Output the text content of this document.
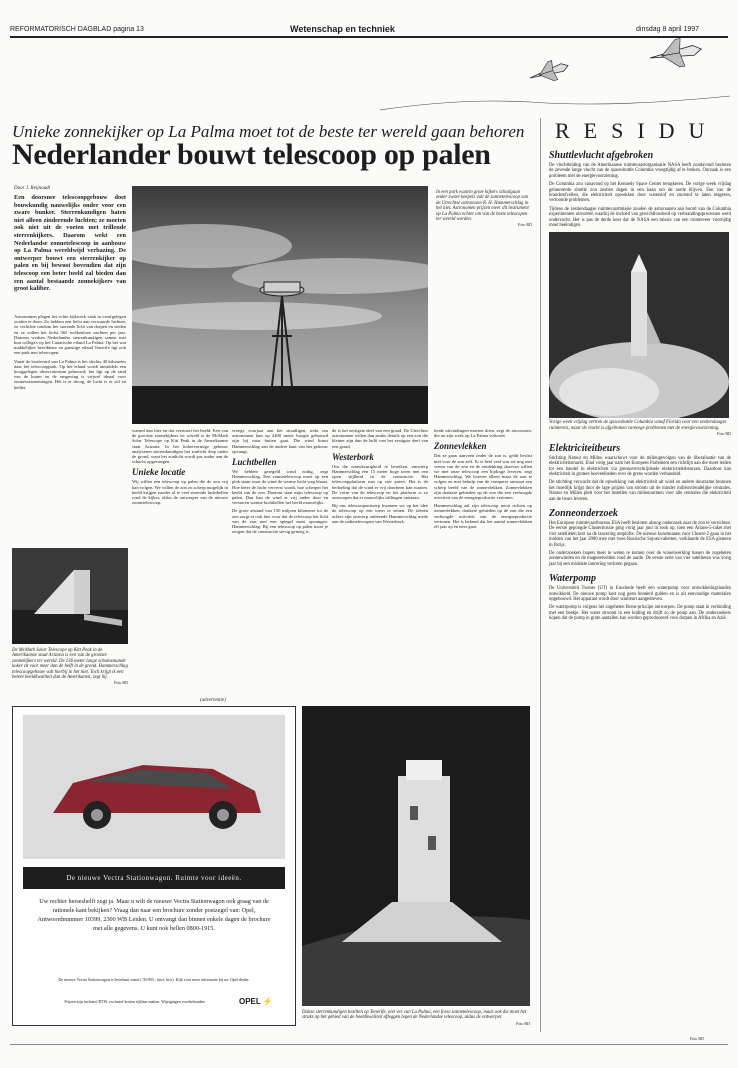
REFORMATORISCH DAGBLAD pagina 13	Wetenschap en techniek	dinsdag 8 april 1997
Unieke zonnekijker op La Palma moet tot de beste ter wereld gaan behoren
Nederlander bouwt telescoop op palen
Door J. Reijnoudt
Een doorsnee telescoopgebouw doet bouwkundig nauwelijks onder voor een zware bunker. Sterrenkundigen haten niet alleen zinderende luchten; ze moeten ook niet uit de voeten met trillende sterrenkijkers. Daarom wekt een Nederlandse zonnetelescoop in aanbouw op La Palma wereldwijd verbazing. De ontwerper bouwt een sterrenkijker op palen en bij bewust bovendien dat zijn telescoop een beter beeld zal bieden dan een aantal bestaande zonnekijkers van groot kaliber.

Astronomen plegen het echte kijkwerk vaak in verafgelegen oorden te doen. Zo hebben zen liefst aan verwaarde luchten, zo verlichte rondom het storende licht van dorpen en steden en ze willen het liefst 365 wolkenloze nachten per jaar. Daarom werken Nederlandse sterrenkundigen samen met hun collega's op het Canarische eiland La Palma. Op het wat makkelijker bereikbare en gunstige eiland Tenerife ligt ook een park met telescopen.

Vanaf de boulevard van La Palma is het slechts 40 kilometer naar het telescooppark. Op het eiland wordt inmiddels een hooggelegen observatorium gebouwd; het ligt op de rand van de krater en de omgeving is vrijwel ideaal voor zonnewaarnemingen. Het is er droog, de lucht is er stil en helder.

In een park waarin grote kijkers schuilgaan onder zware koepels valt de zonnetelescoop van de Utrechtse astronoom R. H. Hammerschlag in het niet. Astronomen prijzen meer dit instrument op La Palma echter om van de beste telescopen ter wereld worden.
Foto RD

warmd dan hier en dat verstoort het beeld. Een van de grootste zonnekijkers ter wereld is de McMath Solar Telescope op Kitt Peak in de Amerikaanse staat Arizona. In het kokervormige gebouw analyseren sterrenkundigen het zonlicht diep onder de grond, want het zonlicht wordt pas onder aan de schacht opgevangen.

Unieke locatie

Wij willen een telescoop op palen die de zon vrij kan volgen. We willen de zon zo scherp mogelijk in beeld krijgen zonder al te veel storende luchtbellen rond de kijker, aldus de ontwerper van de nieuwe zonnetelescoop.

vroege voorjaar aan het straalligen, trekt om astronomen hun op 2400 meter hoogte gebouwd zijn hij naar buiten gaat. Die wind kunst Hammerschlag aan de andere kant van het gebouw opvangt.

Luchtbellen

We hebben geregeld wind nodig, zegt Hammerschlag. Een zonnetelescoop moet op een plek staan waar de wind de warme lucht weg blaast. Hoe beter de lucht ververst wordt, hoe scherper het beeld van de zon. Daarom staat mijn telescoop op palen. Dan kan de wind er vrij onder door en verstoren warme luchtbellen het beeld nauwelijks.

De grote afstand van 150 miljoen kilometer tot de zon zorgt er ook hier voor dat de telescoop het licht van de zon met een spiegel moet opvangen. Hammerschlag: Bij een telescoop op palen moet je zorgen dat de constructie stevig genoeg is.

de is het zestigste deel van een graad. De Utrechtse astronomen willen dan straks details op een zon die kleiner zijn dan de helft van het zestigste deel van een graad.

Westerbork

Om die nauwkeurigheid te bereiken, ontwierp Hammerschlag een 15 meter hoge toren met een open stijlheid in de constructie. Het telescoopplatform rust op vier poten. Het is de bedoeling dat de wind er vrij doorheen kan waaien. De vorm van de telescoop en het platform is zo ontworpen dat er nauwelijks trillingen ontstaan.

Bij ons telescoopontwerp kwamen we op het idee de telescoop op een toren te zetten. De ideeën achter zijn ontwerp ontleende Hammerschlag mede aan de radiotelescopen van Westerbork.

lende uitvindingen moeten doen, zegt de astronoom, die nu zijn werk op La Palma voltooid.

Zonnevlekken

Dat ze gaan aanvoen onder de zon is, geldt beslist niet voor de zon zelf. Er is heel veel wat we nog niet weten van de zon en de ontdekking daarvan willen we met onze telescoop een bijdrage leveren, zegt Hammerschlag. We hoeven alleen maar de zon te volgen en met behulp van de computer ontstaat een scherp beeld van de zonnevlekken. Zonnevlekken zijn donkere gebieden op de zon die een verhoogde activiteit van de energieproductie vertonen.

Hammerschlag zal zijn telescoop nooit richten op zonnevlekken, donkere gebieden op de zon die een verhoogde activiteit van de energieproductie vertonen. Het is bekend dat het aantal zonnevlekken elf jaar op en neer gaat.

De McMath Solar Telescope op Kitt Peak in de Amerikaanse staat Arizona is een van de grootste zonnekijkers ter wereld. De 136 meter lange schuinstaande koker zit voor meer dan de helft in de grond. Hammerschlag telescoopgebouw valt hierbij in het niet. Toch krijgt ik een betere beeldkwaliteit dan de Amerikanen, zegt hij.
Foto RD
(advertentie)
De nieuwe Vectra Stationwagon. Ruimte voor ideeën.
Uw rechter herseshelft zegt ja. Maar u wilt de nieuwe Vectra Stationwagon ook graag van de rationele kant bekijken? Vraag dan naar een brochure zonder postzegel van: Opel, Antwoordnummer 10399, 2300 WB Leiden. U ontvangt dan binnen enkele dagen de brochure met alle gegevens. U kunt ook bellen 0800-1915.
De nieuwe Vectra Stationwagon is leverbaar vanaf f 39.995,- (incl. btw). Kijk voor meer informatie bij uw Opel-dealer.
Prijzen zijn inclusief BTW, exclusief kosten rijklaar maken. Wijzigingen voorbehouden.	OPEL ⚡
Duitse sterrenkundigen bezitten op Tenerife, niet ver van La Palma, een forse zonnetelescoop, maar ook die moet het straks op het gebied van de beeldkwaliteit afleggen tegen de Nederlandse telescoop, aldus de ontwerper.
Foto RD
RESIDU
Shuttlevlucht afgebroken

De vluchtleiding van de Amerikaanse ruimtevaartorganisatie NASA heeft zondavond besloten de zevende lange vlucht van de spaceshuttle Columbia vroegtijdig af te breken. Oorzaak is een probleem met de energievoorziening.

De Columbia zou vanavond op het Kennedy Space Center terugkeren. De vorige week vrijdag gelanceerde shuttle zou zestien dagen in een baan om de aarde blijven. Een van de brandstofcellen, die elektriciteit opwekken door waterstof en zuurstof te laten reageren, vertoonde problemen.

Tijdens de zestiendaagse ruimtevaartmissie zouden de astronauten aan boord van de Columbia experimenten uitvoeren waarbij de invloed van gewichtloosheid op verbrandingsprocessen werd onderzocht. Het is pas de derde keer dat de NASA een missie van een ruimteveer voortijdig moet beëindigen.

Vorige week vrijdag vertrok de spaceshuttle Columbia vanaf Florida voor een zestiendaagse ruimtereis, maar de vlucht is afgebroken vanwege problemen met de energievoorziening.
Foto RD
Elektriciteitbeurs

Stichting Natuur en Milieu waarschuwt voor de milieugevolgen van de liberalisatie van de elektriciteitsmarkt. Eind vorig jaar nam het Europees Parlement een richtlijn aan die moet leiden tot een handel in elektriciteit via grensoverschrijdende elektriciteitsbeurzen. Daardoor kan elektriciteit in grotere hoeveelheden over de grens worden verhandeld.

De stichting verwacht dat de opwekking van elektriciteit uit wind en andere duurzame bronnen het moeilijk krijgt door de lage prijzen van stroom uit de minder milieuvriendelijke centrales. Natuur en Milieu pleit voor het instellen van milieunormen voor alle centrales die elektriciteit aan de beurs leveren.

Zonneonderzoek

Het Europese ruimtevaartbureau ESA heeft besloten alsnog onderzoek naar de zon te verrichten. De eerste gepoogde Clustermissie ging vorig jaar juni in rook op, toen een Ariane-5-raket met vier satellieten kort na de lancering ontplofte. De nieuwe kunstmanen voor Cluster-2 gaan in het midden van het jaar 2000 mee met twee Russische Sojoez-raketten, verklaarde de ESA gisteren in Parijs.

De onderzoekers hopen meer te weten te komen over de wisselwerking tussen de zogeheten zonnewinden en de magneetvelden rond de aarde. De eerste serie van vier satellieten was vorig jaar bij een mislukte lancering verloren gegaan.

Waterpomp

De Universiteit Twente (UT) in Enschede heeft een waterpomp voor ontwikkelingslanden ontwikkeld. De nieuwe pomp kost nog geen honderd gulden en is uit eenvoudige materialen opgebouwd. Het apparaat wordt door wasbeurt aangedreven.

De waterpomp is volgens het zogeheten Breur-principe ontworpen. De pomp staat in verbinding met een beekje. Het water stroomt in een leiding en drijft zo de pomp aan. De onderzoekers hopen dat de pomp in grote aantallen kan worden geproduceerd voor dorpen in Afrika en Azië.

Foto RD
